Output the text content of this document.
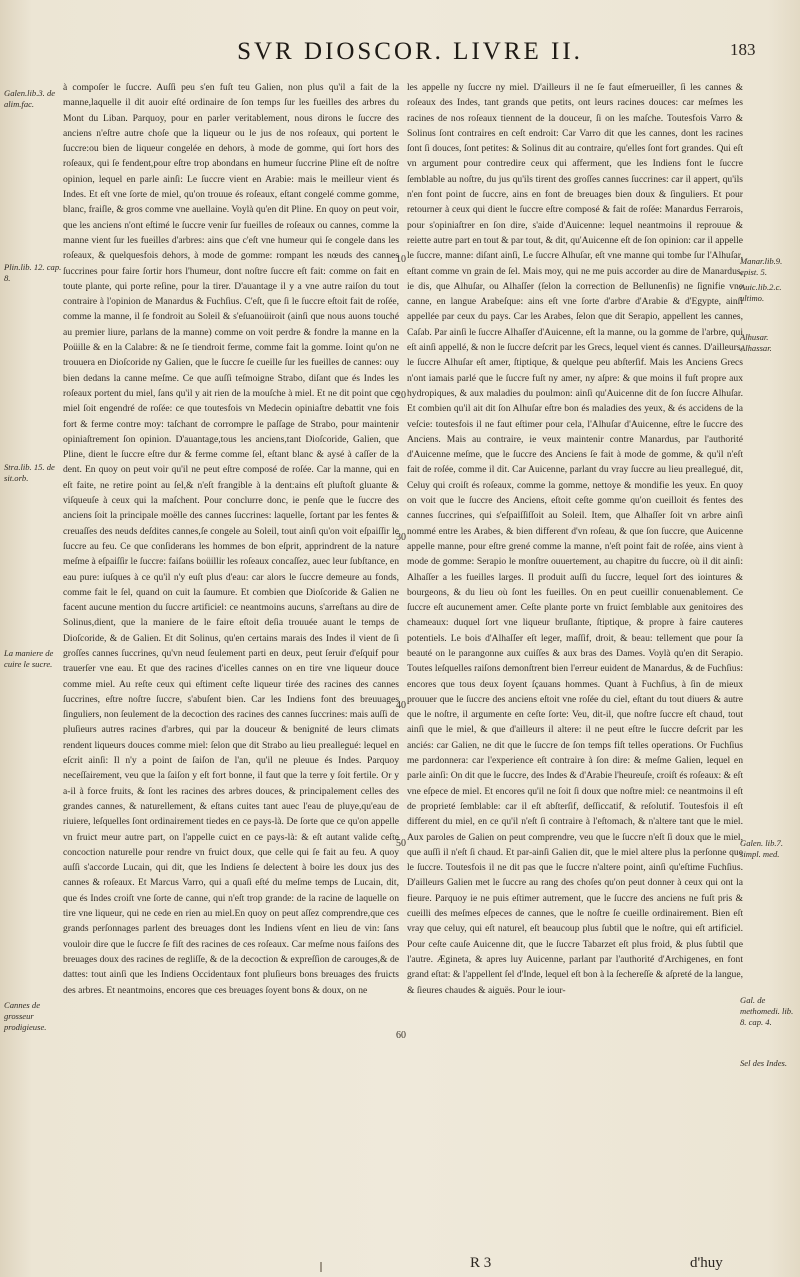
SVR DIOSCOR. LIVRE II.	183
Galen.lib.3. de alim.fac.
Plin.lib. 12. cap. 8.
Stra.lib. 15. de sit.orb.
La maniere de cuire le sucre.
Cannes de grosseur prodigieuse.
Manar.lib.9. epist. 5.
Auic.lib.2.c. ultimo.
Alhusar. Alhassar.
Galen. lib.7. simpl. med.
Gal. de methomedi. lib. 8. cap. 4.
Sel des Indes.
10
20
30
40
50
60

à compoſer le ſuccre. Auſſi peu s'en fuſt teu Galien, non plus qu'il a fait de la manne,laquelle il dit auoir eſté ordinaire de ſon temps ſur les fueilles des arbres du Mont du Liban. Parquoy, pour en parler veritablement, nous dirons le ſuccre des anciens n'eſtre autre choſe que la liqueur ou le jus de nos roſeaux, qui portent le ſuccre:ou bien de liqueur congelée en dehors, à mode de gomme, qui ſort hors des roſeaux, qui ſe fendent,pour eſtre trop abondans en humeur ſuccrine Pline eſt de noſtre opinion, lequel en parle ainſi: Le ſuccre vient en Arabie: mais le meilleur vient és Indes. Et eſt vne ſorte de miel, qu'on trouue és roſeaux, eſtant congelé comme gomme, blanc, fraiſle, & gros comme vne auellaine. Voylà qu'en dit Pline. En quoy on peut voir, que les anciens n'ont eſtimé le ſuccre venir ſur fueilles de roſeaux ou cannes, comme la manne vient ſur les fueilles d'arbres: ains que c'eſt vne humeur qui ſe congele dans les roſeaux, & quelquesfois dehors, à mode de gomme: rompant les nœuds des cannes ſuccrines pour faire ſortir hors l'humeur, dont noſtre ſuccre eſt fait: comme on fait en toute plante, qui porte reſine, pour la tirer. D'auantage il y a vne autre raiſon du tout contraire à l'opinion de Manardus & Fuchſius. C'eſt, que ſi le ſuccre eſtoit fait de roſée, comme la manne, il ſe fondroit au Soleil & s'eſuanoüiroit (ainſi que nous auons touché au premier liure, parlans de la manne) comme on voit perdre & fondre la manne en la Poüille & en la Calabre: & ne ſe tiendroit ferme, comme fait la gomme. Ioint qu'on ne trouuera en Dioſcoride ny Galien, que le ſuccre ſe cueille ſur les fueilles de cannes: ouy bien dedans la canne meſme. Ce que auſſi teſmoigne Strabo, diſant que és Indes les roſeaux portent du miel, ſans qu'il y ait rien de la mouſche à miel. Et ne dit point que ce miel ſoit engendré de roſée: ce que toutesfois vn Medecin opiniaſtre debattit vne fois fort & ferme contre moy: taſchant de corrompre le paſſage de Strabo, pour maintenir opiniaſtrement ſon opinion. D'auantage,tous les anciens,tant Dioſcoride, Galien, que Pline, dient le ſuccre eſtre dur & ferme comme ſel, eſtant blanc & aysé à caſſer de la dent. En quoy on peut voir qu'il ne peut eſtre composé de roſée. Car la manne, qui en eſt faite, ne retire point au ſel,& n'eſt frangible à la dent:ains eſt pluſtoſt gluante & viſqueuſe à ceux qui la maſchent. Pour conclurre donc, ie penſe que le ſuccre des anciens ſoit la principale moëlle des cannes ſuccrines: laquelle, ſortant par les fentes & creuaſſes des neuds deſdites cannes,ſe congele au Soleil, tout ainſi qu'on voit eſpaiſſir le ſuccre au feu. Ce que conſiderans les hommes de bon eſprit, apprindrent de la nature meſme à eſpaiſſir le ſuccre: faiſans boüillir les roſeaux concaſſez, auec leur ſubſtance, en eau pure: iuſques à ce qu'il n'y euſt plus d'eau: car alors le ſuccre demeure au fonds, comme fait le ſel, quand on cuit la ſaumure. Et combien que Dioſcoride & Galien ne facent aucune mention du ſuccre artificiel: ce neantmoins aucuns, s'arreſtans au dire de Solinus,dient, que la maniere de le faire eſtoit deſia trouuée auant le temps de Dioſcoride, & de Galien. Et dit Solinus, qu'en certains marais des Indes il vient de ſi groſſes cannes ſuccrines, qu'vn neud ſeulement parti en deux, peut ſeruir d'eſquif pour trauerſer vne eau. Et que des racines d'icelles cannes on en tire vne liqueur douce comme miel. Au reſte ceux qui eſtiment ceſte liqueur tirée des racines des cannes ſuccrines, eſtre noſtre ſuccre, s'abuſent bien. Car les Indiens font des breuuages ſinguliers, non ſeulement de la decoction des racines des cannes ſuccrines: mais auſſi de pluſieurs autres racines d'arbres, qui par la douceur & benignité de leurs climats rendent liqueurs douces comme miel: ſelon que dit Strabo au lieu preallegué: lequel en eſcrit ainſi: Il n'y a point de ſaiſon de l'an, qu'il ne pleuue és Indes. Parquoy neceſſairement, veu que la ſaiſon y eſt fort bonne, il faut que la terre y ſoit fertile. Or y a-il à force fruits, & ſont les racines des arbres douces, & principalement celles des grandes cannes, & naturellement, & eſtans cuites tant auec l'eau de pluye,qu'eau de riuiere, leſquelles ſont ordinairement tiedes en ce pays-là. De ſorte que ce qu'on appelle vn fruict meur autre part, on l'appelle cuict en ce pays-là: & eſt autant valide ceſte concoction naturelle pour rendre vn fruict doux, que celle qui ſe fait au feu. A quoy auſſi s'accorde Lucain, qui dit, que les Indiens ſe delectent à boire les doux jus des cannes & roſeaux. Et Marcus Varro, qui a quaſi eſté du meſme temps de Lucain, dit, que és Indes croiſt vne ſorte de canne, qui n'eſt trop grande: de la racine de laquelle on tire vne liqueur, qui ne cede en rien au miel.En quoy on peut aſſez comprendre,que ces grands perſonnages parlent des breuages dont les Indiens vſent en lieu de vin: ſans vouloir dire que le ſuccre ſe fiſt des racines de ces roſeaux. Car meſme nous faiſons des breuages doux des racines de regliſſe, & de la decoction & expreſſion de carouges,& de dattes: tout ainſi que les Indiens Occidentaux font pluſieurs bons breuages des fruicts des arbres. Et neantmoins, encores que ces breuages ſoyent bons & doux, on ne

les appelle ny ſuccre ny miel. D'ailleurs il ne ſe faut eſmerueiller, ſi les cannes & roſeaux des Indes, tant grands que petits, ont leurs racines douces: car meſmes les racines de nos roſeaux tiennent de la douceur, ſi on les maſche. Toutesfois Varro & Solinus ſont contraires en ceſt endroit: Car Varro dit que les cannes, dont les racines ſont ſi douces, ſont petites: & Solinus dit au contraire, qu'elles ſont fort grandes. Qui eſt vn argument pour contredire ceux qui afferment, que les Indiens font le ſuccre ſemblable au noſtre, du jus qu'ils tirent des groſſes cannes ſuccrines: car il appert, qu'ils n'en font point de ſuccre, ains en font de breuages bien doux & ſinguliers. Et pour retourner à ceux qui dient le ſuccre eſtre composé & fait de roſée: Manardus Ferrarois, pour s'opiniaſtrer en ſon dire, s'aide d'Auicenne: lequel neantmoins il reprouue & reiette autre part en tout & par tout, & dit, qu'Auicenne eſt de ſon opinion: car il appelle le ſuccre, manne: diſant ainſi, Le ſuccre Alhuſar, eſt vne manne qui tombe ſur l'Alhuſar, eſtant comme vn grain de ſel. Mais moy, qui ne me puis accorder au dire de Manardus, ie dis, que Alhuſar, ou Alhaſſer (ſelon la correction de Bellunenſis) ne ſignifie vne canne, en langue Arabeſque: ains eſt vne ſorte d'arbre d'Arabie & d'Egypte, ainſi appellée par ceux du pays. Car les Arabes, ſelon que dit Serapio, appellent les cannes, Caſab. Par ainſi le ſuccre Alhaſſer d'Auicenne, eſt la manne, ou la gomme de l'arbre, qui eſt ainſi appellé, & non le ſuccre deſcrit par les Grecs, lequel vient és cannes. D'ailleurs, le ſuccre Alhuſar eſt amer, ſtiptique, & quelque peu abſterſif. Mais les Anciens Grecs n'ont iamais parlé que le ſuccre fuſt ny amer, ny aſpre: & que moins il fuſt propre aux hydropiques, & aux maladies du poulmon: ainſi qu'Auicenne dit de ſon ſuccre Alhuſar. Et combien qu'il ait dit ſon Alhuſar eſtre bon és maladies des yeux, & és accidens de la veſcie: toutesfois il ne faut eſtimer pour cela, l'Alhuſar d'Auicenne, eſtre le ſuccre des Anciens. Mais au contraire, ie veux maintenir contre Manardus, par l'authorité d'Auicenne meſme, que le ſuccre des Anciens ſe fait à mode de gomme, & qu'il n'eſt fait de roſée, comme il dit. Car Auicenne, parlant du vray ſuccre au lieu preallegué, dit, Celuy qui croiſt és roſeaux, comme la gomme, nettoye & mondifie les yeux. En quoy on voit que le ſuccre des Anciens, eſtoit ceſte gomme qu'on cueilloit és fentes des cannes ſuccrines, qui s'eſpaiſſiſſoit au Soleil. Item, que Alhaſſer ſoit vn arbre ainſi nommé entre les Arabes, & bien different d'vn roſeau, & que ſon ſuccre, que Auicenne appelle manne, pour eſtre grené comme la manne, n'eſt point fait de roſée, ains vient à mode de gomme: Serapio le monſtre ouuertement, au chapitre du ſuccre, où il dit ainſi: Alhaſſer a les fueilles larges. Il produit auſſi du ſuccre, lequel ſort des iointures & bourgeons, & du lieu où ſont les fueilles. On en peut cueillir conuenablement. Ce ſuccre eſt aucunement amer. Ceſte plante porte vn fruict ſemblable aux genitoires des chameaux: duquel ſort vne liqueur bruſlante, ſtiptique, & propre à faire cauteres potentiels. Le bois d'Alhaſſer eſt leger, maſſif, droit, & beau: tellement que pour ſa beauté on le parangonne aux cuiſſes & aux bras des Dames. Voylà qu'en dit Serapio. Toutes leſquelles raiſons demonſtrent bien l'erreur euident de Manardus, & de Fuchſius: encores que tous deux ſoyent ſçauans hommes. Quant à Fuchſius, à ſin de mieux prouuer que le ſuccre des anciens eſtoit vne roſée du ciel, eſtant du tout diuers & autre que le noſtre, il argumente en ceſte ſorte: Veu, dit-il, que noſtre ſuccre eſt chaud, tout ainſi que le miel, & que d'ailleurs il altere: il ne peut eſtre le ſuccre deſcrit par les anciés: car Galien, ne dit que le ſuccre de ſon temps fiſt telles operations. Or Fuchſius me pardonnera: car l'experience eſt contraire à ſon dire: & meſme Galien, lequel en parle ainſi: On dit que le ſuccre, des Indes & d'Arabie l'heureuſe, croiſt és roſeaux: & eſt vne eſpece de miel. Et encores qu'il ne ſoit ſi doux que noſtre miel: ce neantmoins il eſt de proprieté ſemblable: car il eſt abſterſif, deſſiccatif, & reſolutif. Toutesfois il eſt different du miel, en ce qu'il n'eſt ſi contraire à l'eſtomach, & n'altere tant que le miel. Aux paroles de Galien on peut comprendre, veu que le ſuccre n'eſt ſi doux que le miel, que auſſi il n'eſt ſi chaud. Et par-ainſi Galien dit, que le miel altere plus la perſonne que le ſuccre. Toutesfois il ne dit pas que le ſuccre n'altere point, ainſi qu'eſtime Fuchſius. D'ailleurs Galien met le ſuccre au rang des choſes qu'on peut donner à ceux qui ont la fieure. Parquoy ie ne puis eſtimer autrement, que le ſuccre des anciens ne fuſt pris & cueilli des meſmes eſpeces de cannes, que le noſtre ſe cueille ordinairement. Bien eſt vray que celuy, qui eſt naturel, eſt beaucoup plus ſubtil que le noſtre, qui eſt artificiel. Pour ceſte cauſe Auicenne dit, que le ſuccre Tabarzet eſt plus froid, & plus ſubtil que l'autre. Ægineta, & apres luy Auicenne, parlant par l'authorité d'Archigenes, en font grand eſtat: & l'appellent ſel d'Inde, lequel eſt bon à la ſechereſſe & aſpreté de la langue, & ſieures chaudes & aiguës. Pour le iour-

R 3	d'huy
